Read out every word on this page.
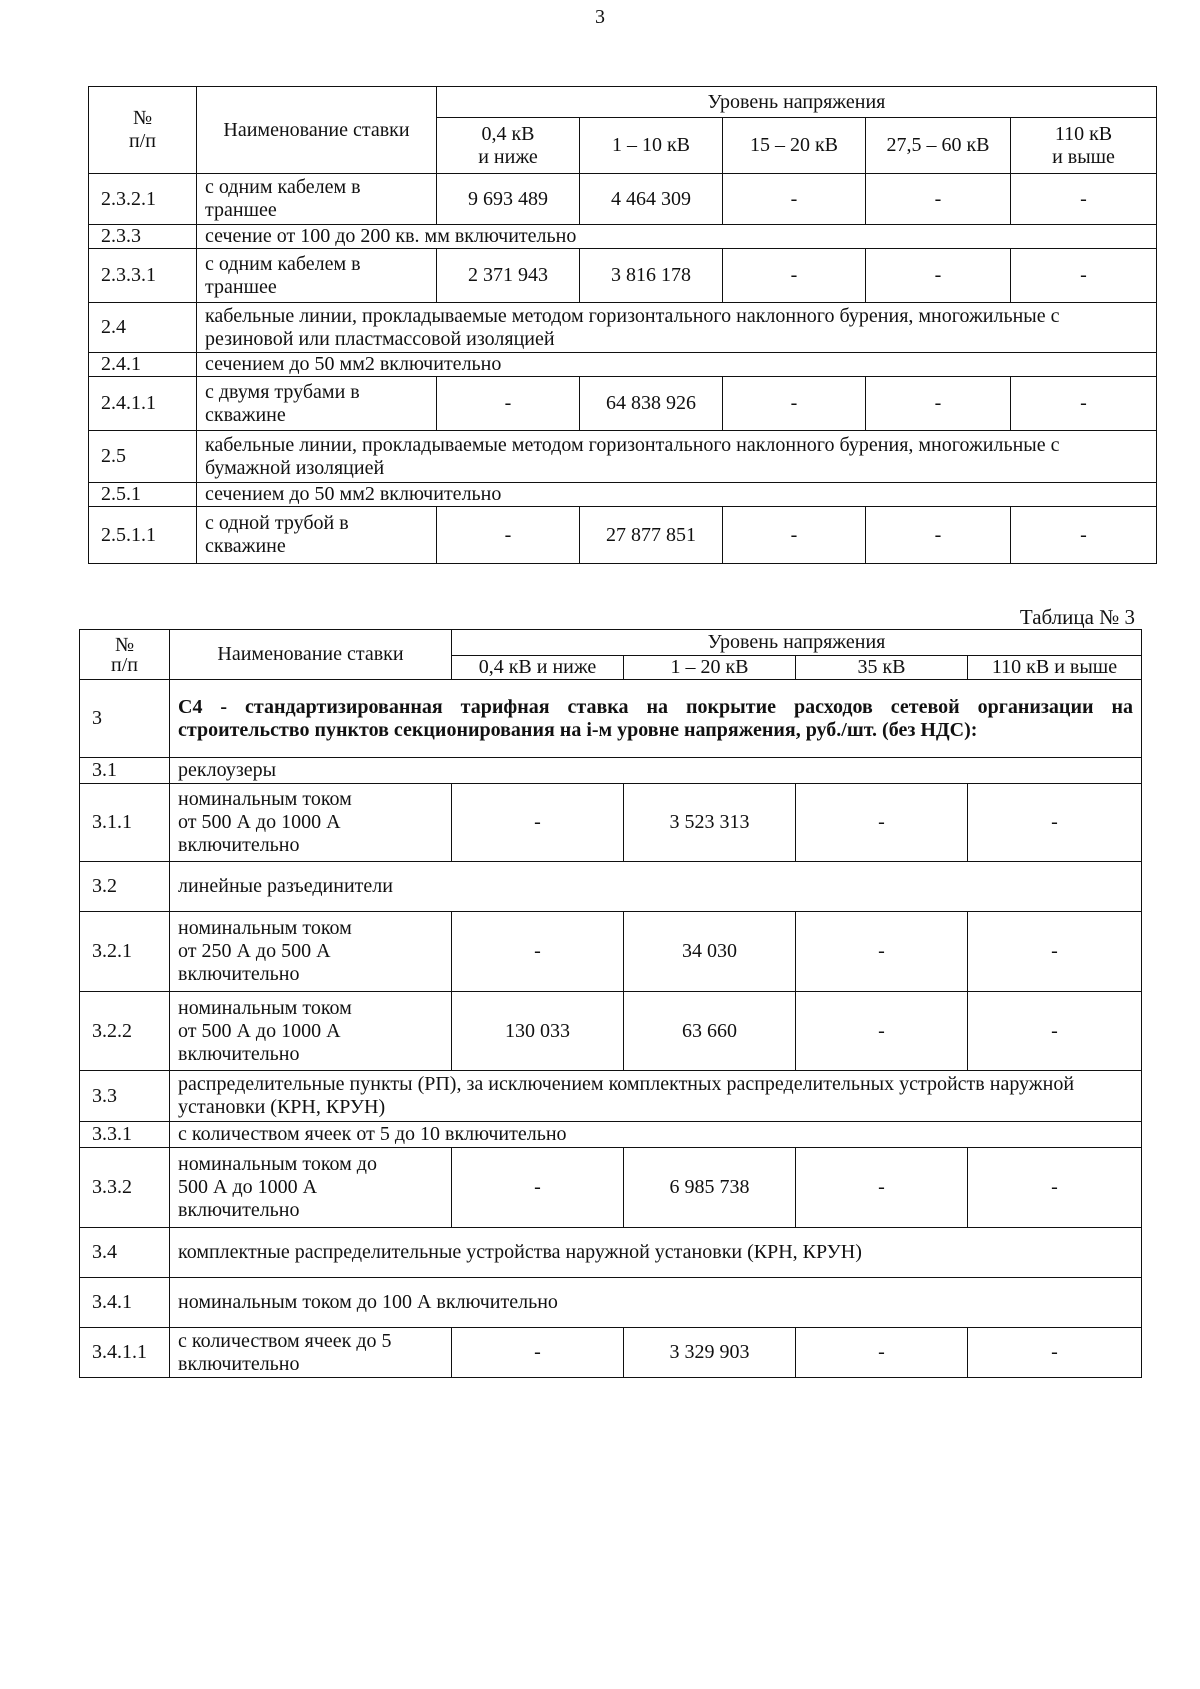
3
№
п/п	Наименование ставки	Уровень напряжения				
		0,4 кВ
и ниже	1 – 10 кВ	15 – 20 кВ	27,5 – 60 кВ	110 кВ
и выше
2.3.2.1	с одним кабелем в траншее	9 693 489	4 464 309	-	-	-
2.3.3	сечение от 100 до 200 кв. мм включительно					
2.3.3.1	с одним кабелем в траншее	2 371 943	3 816 178	-	-	-
2.4	кабельные линии, прокладываемые методом горизонтального наклонного бурения, многожильные с резиновой или пластмассовой изоляцией					
2.4.1	сечением до 50 мм2 включительно					
2.4.1.1	с двумя трубами в скважине	-	64 838 926	-	-	-
2.5	кабельные линии, прокладываемые методом горизонтального наклонного бурения, многожильные с бумажной изоляцией					
2.5.1	сечением до 50 мм2 включительно					
2.5.1.1	с одной трубой в скважине	-	27 877 851	-	-	-
Таблица № 3
№
п/п	Наименование ставки	Уровень напряжения			
		0,4 кВ и ниже	1 – 20 кВ	35 кВ	110 кВ и выше
3	С4 - стандартизированная тарифная ставка на покрытие расходов сетевой организации на строительство пунктов секционирования на i-м уровне напряжения, руб./шт. (без НДС):				
3.1	реклоузеры				
3.1.1	номинальным током
от 500 А до 1000 А
включительно	-	3 523 313	-	-
3.2	линейные разъединители				
3.2.1	номинальным током
от 250 А до 500 А
включительно	-	34 030	-	-
3.2.2	номинальным током
от 500 А до 1000 А
включительно	130 033	63 660	-	-
3.3	распределительные пункты (РП), за исключением комплектных распределительных устройств наружной установки (КРН, КРУН)				
3.3.1	с количеством ячеек от 5 до 10 включительно				
3.3.2	номинальным током до
500 А до 1000 А
включительно	-	6 985 738	-	-
3.4	комплектные распределительные устройства наружной установки (КРН, КРУН)				
3.4.1	номинальным током до 100 А включительно				
3.4.1.1	с количеством ячеек до 5 включительно	-	3 329 903	-	-
